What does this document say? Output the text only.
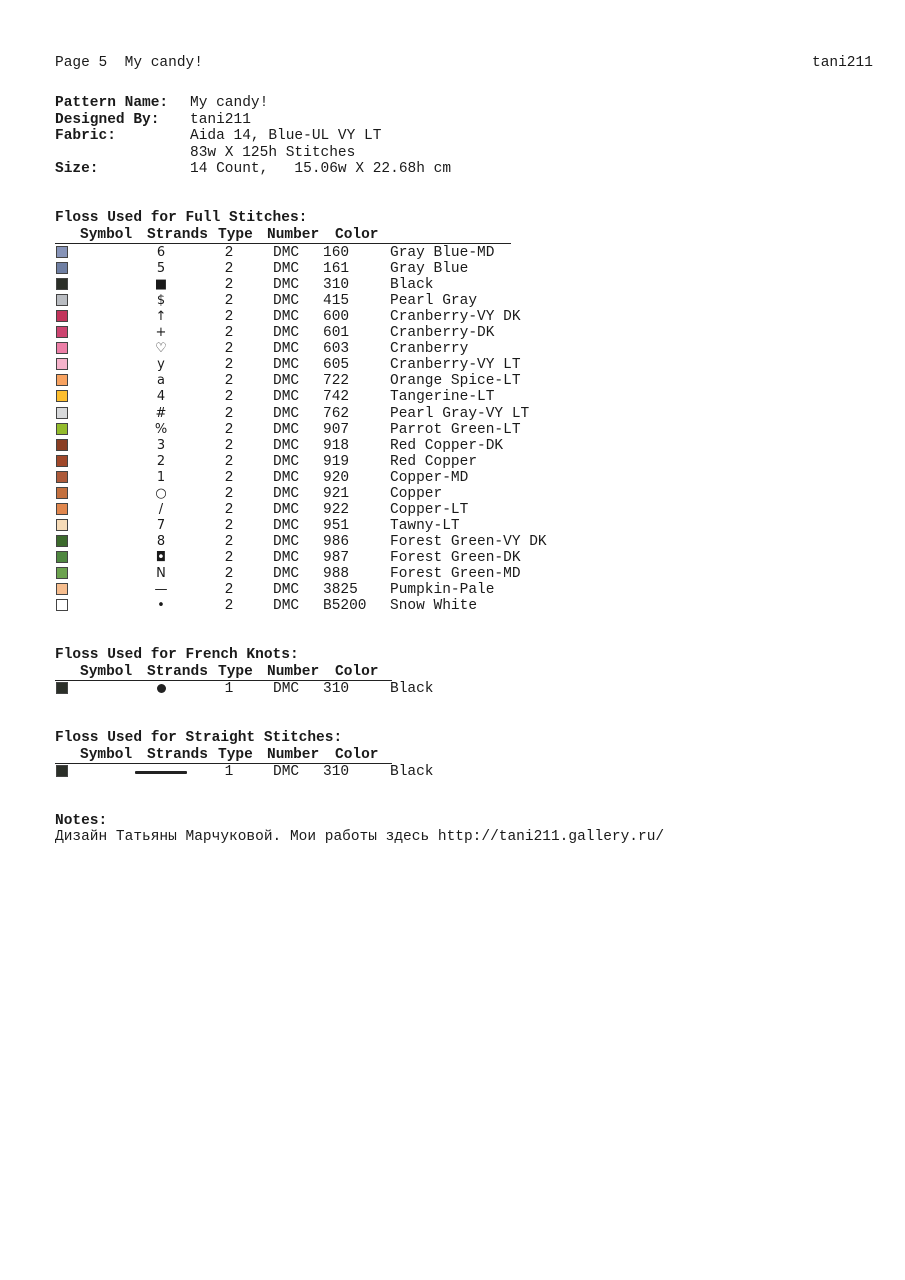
Page 5  My candy!	tani211
Pattern Name: My candy!
Designed By: tani211
Fabric:	Aida 14, Blue-UL VY LT
83w X 125h Stitches
Size:	14 Count,   15.06w X 22.68h cm
Floss Used for Full Stitches:
Symbol Strands Type Number Color
6	2	DMC 160	Gray Blue-MD
5	2	DMC 161	Gray Blue
■	2	DMC 310	Black
$	2	DMC 415	Pearl Gray
↑	2	DMC 600	Cranberry-VY DK
+	2	DMC 601	Cranberry-DK
♡	2	DMC 603	Cranberry
y	2	DMC 605	Cranberry-VY LT
a	2	DMC 722	Orange Spice-LT
4	2	DMC 742	Tangerine-LT
#	2	DMC 762	Pearl Gray-VY LT
%	2	DMC 907	Parrot Green-LT
3	2	DMC 918	Red Copper-DK
2	2	DMC 919	Red Copper
1	2	DMC 920	Copper-MD
○	2	DMC 921	Copper
/	2	DMC 922	Copper-LT
7	2	DMC 951	Tawny-LT
8	2	DMC 986	Forest Green-VY DK
◘	2	DMC 987	Forest Green-DK
N	2	DMC 988	Forest Green-MD
—	2	DMC 3825 Pumpkin-Pale
•	2	DMC B5200 Snow White
Floss Used for French Knots:
Symbol Strands Type Number Color
1	DMC 310	Black
Floss Used for Straight Stitches:
Symbol Strands Type Number Color
1	DMC 310	Black
Notes:
Дизайн Татьяны Марчуковой. Мои работы здесь http://tani211.gallery.ru/
